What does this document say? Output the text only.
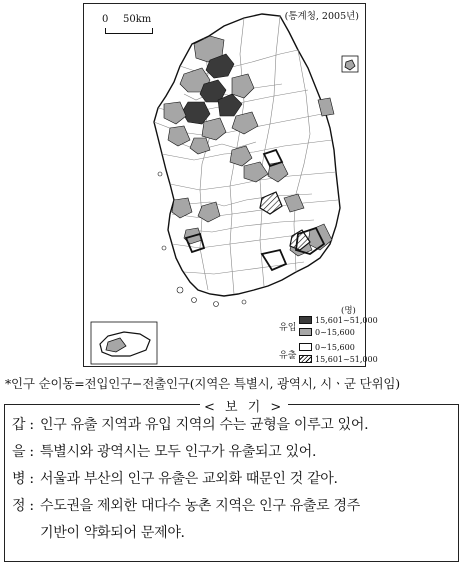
(통계청, 2005년)
0 50km
(명)
유입
15,601~51,000
0~15,600
유출
0~15,600
15,601~51,000
*인구 순이동=전입인구−전출인구(지역은 특별시, 광역시, 시ㆍ군 단위임)
< 보 기 >
갑 : 인구 유출 지역과 유입 지역의 수는 균형을 이루고 있어.
을 : 특별시와 광역시는 모두 인구가 유출되고 있어.
병 : 서울과 부산의 인구 유출은 교외화 때문인 것 같아.
정 : 수도권을 제외한 대다수 농촌 지역은 인구 유출로 경주
기반이 약화되어 문제야.
